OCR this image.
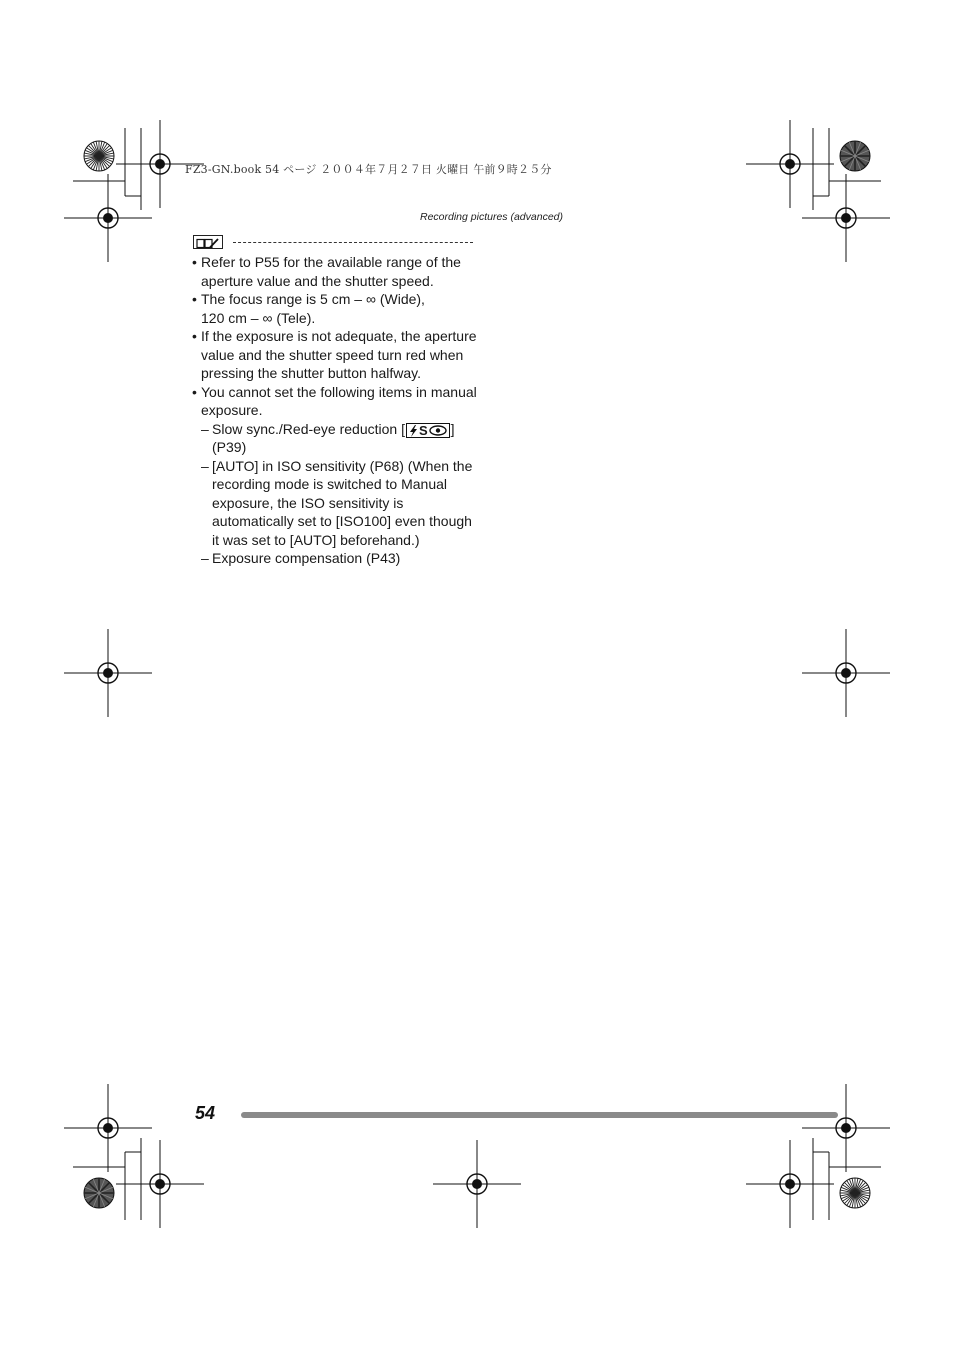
FZ3-GN.book 54 ページ ２００４年７月２７日 火曜日 午前９時２５分
Recording pictures (advanced)
• Refer to P55 for the available range of the aperture value and the shutter speed.
• The focus range is 5 cm – ∞ (Wide),
120 cm – ∞ (Tele).
• If the exposure is not adequate, the aperture value and the shutter speed turn red when pressing the shutter button halfway.
• You cannot set the following items in manual exposure.
– Slow sync./Red-eye reduction [ S ] (P39)
– [AUTO] in ISO sensitivity (P68) (When the recording mode is switched to Manual exposure, the ISO sensitivity is automatically set to [ISO100] even though it was set to [AUTO] beforehand.)
– Exposure compensation (P43)
54
